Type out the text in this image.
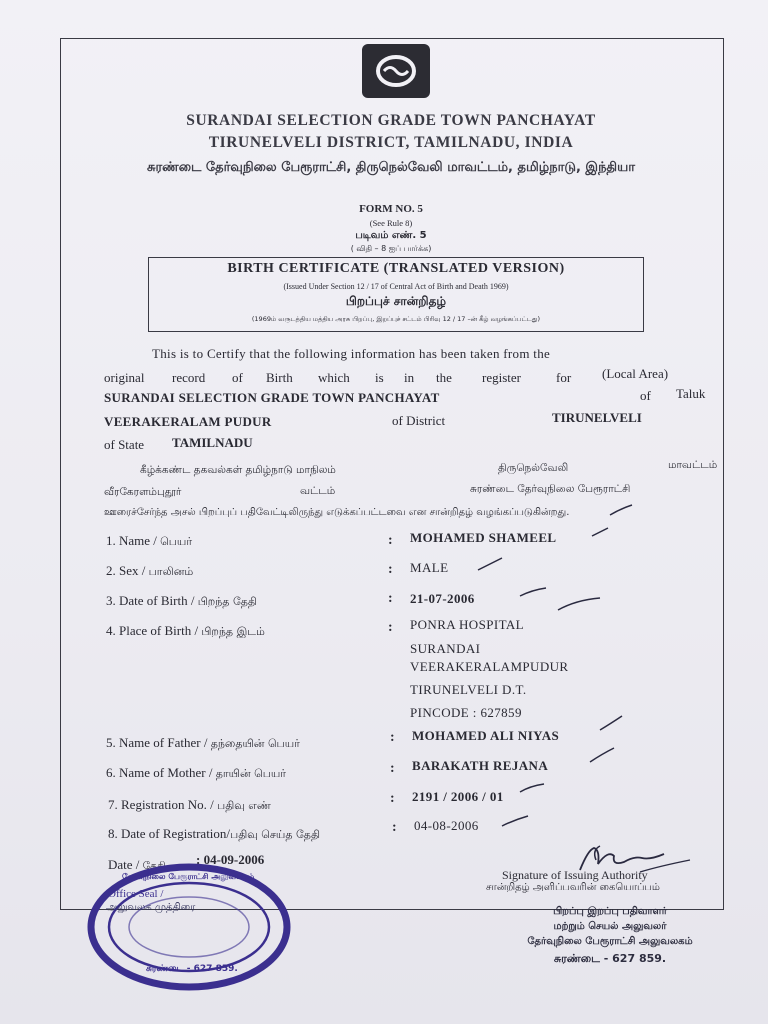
SURANDAI SELECTION GRADE TOWN PANCHAYAT
TIRUNELVELI DISTRICT, TAMILNADU, INDIA
சுரண்டை தேர்வுநிலை பேரூராட்சி, திருநெல்வேலி மாவட்டம், தமிழ்நாடு, இந்தியா
FORM NO. 5
(See Rule 8)
படிவம் எண். 5
( விதி – 8 ஐப் பார்க்க)
BIRTH CERTIFICATE (TRANSLATED VERSION)
(Issued Under Section 12 / 17 of Central Act of Birth and Death 1969)
பிறப்புச் சான்றிதழ்
(1969ம் வருடத்திய மத்திய அரசு பிறப்பு, இறப்புச் சட்டம் பிரிவு 12 / 17 –ன் கீழ் வழங்கப்பட்டது)
This is to Certify that the following information has been taken from the
original record of Birth which is in the register	for (Local Area)
SURANDAI SELECTION GRADE TOWN PANCHAYAT	of Taluk
VEERAKERALAM PUDUR	of District	TIRUNELVELI
of State TAMILNADU
கீழ்க்கண்ட தகவல்கள் தமிழ்நாடு மாநிலம்	திருநெல்வேலி	மாவட்டம்
வீரகேரளம்புதூர்	வட்டம்	சுரண்டை தேர்வுநிலை பேரூராட்சி
ஊரைச்சேர்ந்த அசல் பிறப்புப் பதிவேட்டிலிருந்து எடுக்கப்பட்டவை என சான்றிதழ் வழங்கப்படுகின்றது.
1. Name / பெயர்	: MOHAMED SHAMEEL
2. Sex / பாலினம்	: MALE
3. Date of Birth / பிறந்த தேதி	: 21-07-2006
4. Place of Birth / பிறந்த இடம்	: PONRA HOSPITAL
SURANDAI
VEERAKERALAMPUDUR
TIRUNELVELI D.T.
PINCODE : 627859
5. Name of Father / தந்தையின் பெயர்	: MOHAMED ALI NIYAS
6. Name of Mother / தாயின் பெயர்	: BARAKATH REJANA
7. Registration No. / பதிவு எண்	: 2191 / 2006 / 01
8. Date of Registration/பதிவு செய்த தேதி	: 04-08-2006
Date / தேதி : 04-09-2006
Signature of Issuing Authority
சான்றிதழ் அளிப்பவரின் கையொப்பம்
பிறப்பு இறப்பு பதிவாளர்
மற்றும் செயல் அலுவலர்
தேர்வுநிலை பேரூராட்சி அலுவலகம்
சுரண்டை - 627 859.
தேர்வுநிலை பேரூராட்சி அலுவலகம்
Office Seal /
அலுவலக முத்திரை
சுரண்டை - 627 859.
